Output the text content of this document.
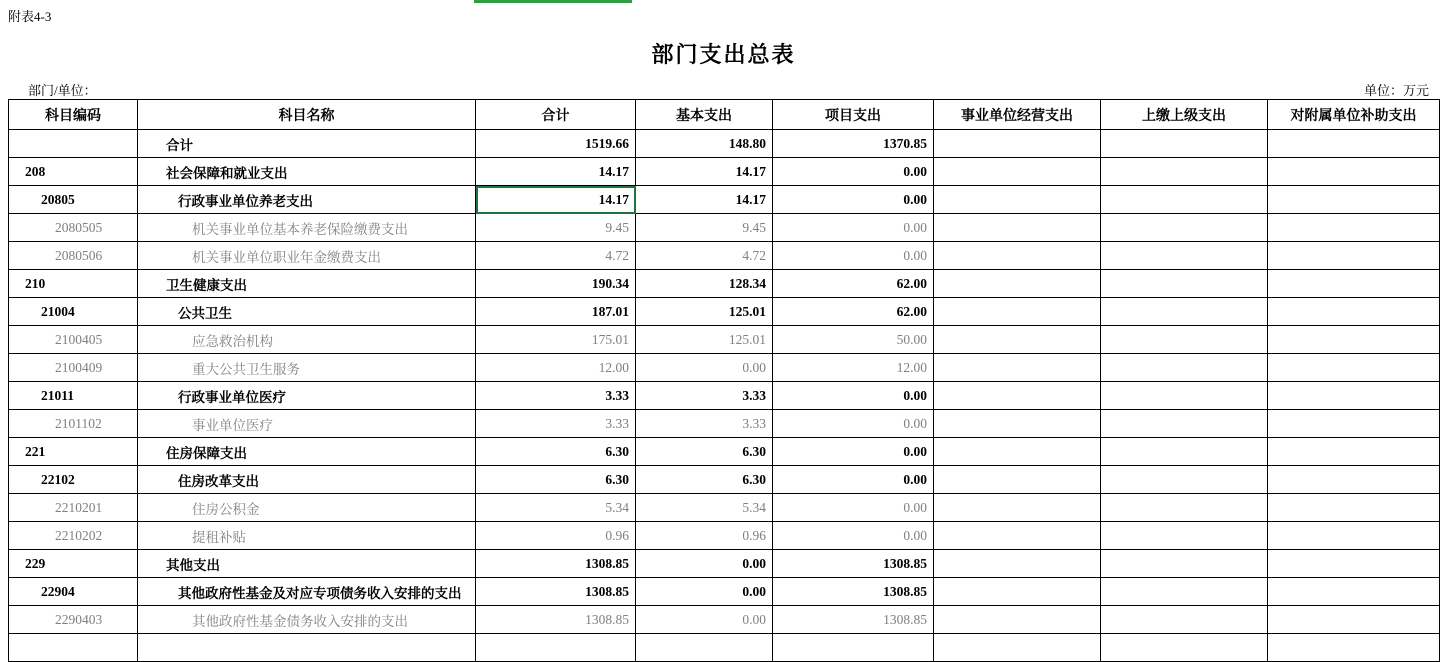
附表4-3
部门支出总表
部门/单位：	单位：万元
科目编码	科目名称	合计	基本支出	项目支出	事业单位经营支出	上缴上级支出	对附属单位补助支出
	合计	1519.66	148.80	1370.85			
208	社会保障和就业支出	14.17	14.17	0.00			
20805	行政事业单位养老支出	14.17	14.17	0.00			
2080505	机关事业单位基本养老保险缴费支出	9.45	9.45	0.00			
2080506	机关事业单位职业年金缴费支出	4.72	4.72	0.00			
210	卫生健康支出	190.34	128.34	62.00			
21004	公共卫生	187.01	125.01	62.00			
2100405	应急救治机构	175.01	125.01	50.00			
2100409	重大公共卫生服务	12.00	0.00	12.00			
21011	行政事业单位医疗	3.33	3.33	0.00			
2101102	事业单位医疗	3.33	3.33	0.00			
221	住房保障支出	6.30	6.30	0.00			
22102	住房改革支出	6.30	6.30	0.00			
2210201	住房公积金	5.34	5.34	0.00			
2210202	提租补贴	0.96	0.96	0.00			
229	其他支出	1308.85	0.00	1308.85			
22904	其他政府性基金及对应专项债务收入安排的支出	1308.85	0.00	1308.85			
2290403	其他政府性基金债务收入安排的支出	1308.85	0.00	1308.85			
